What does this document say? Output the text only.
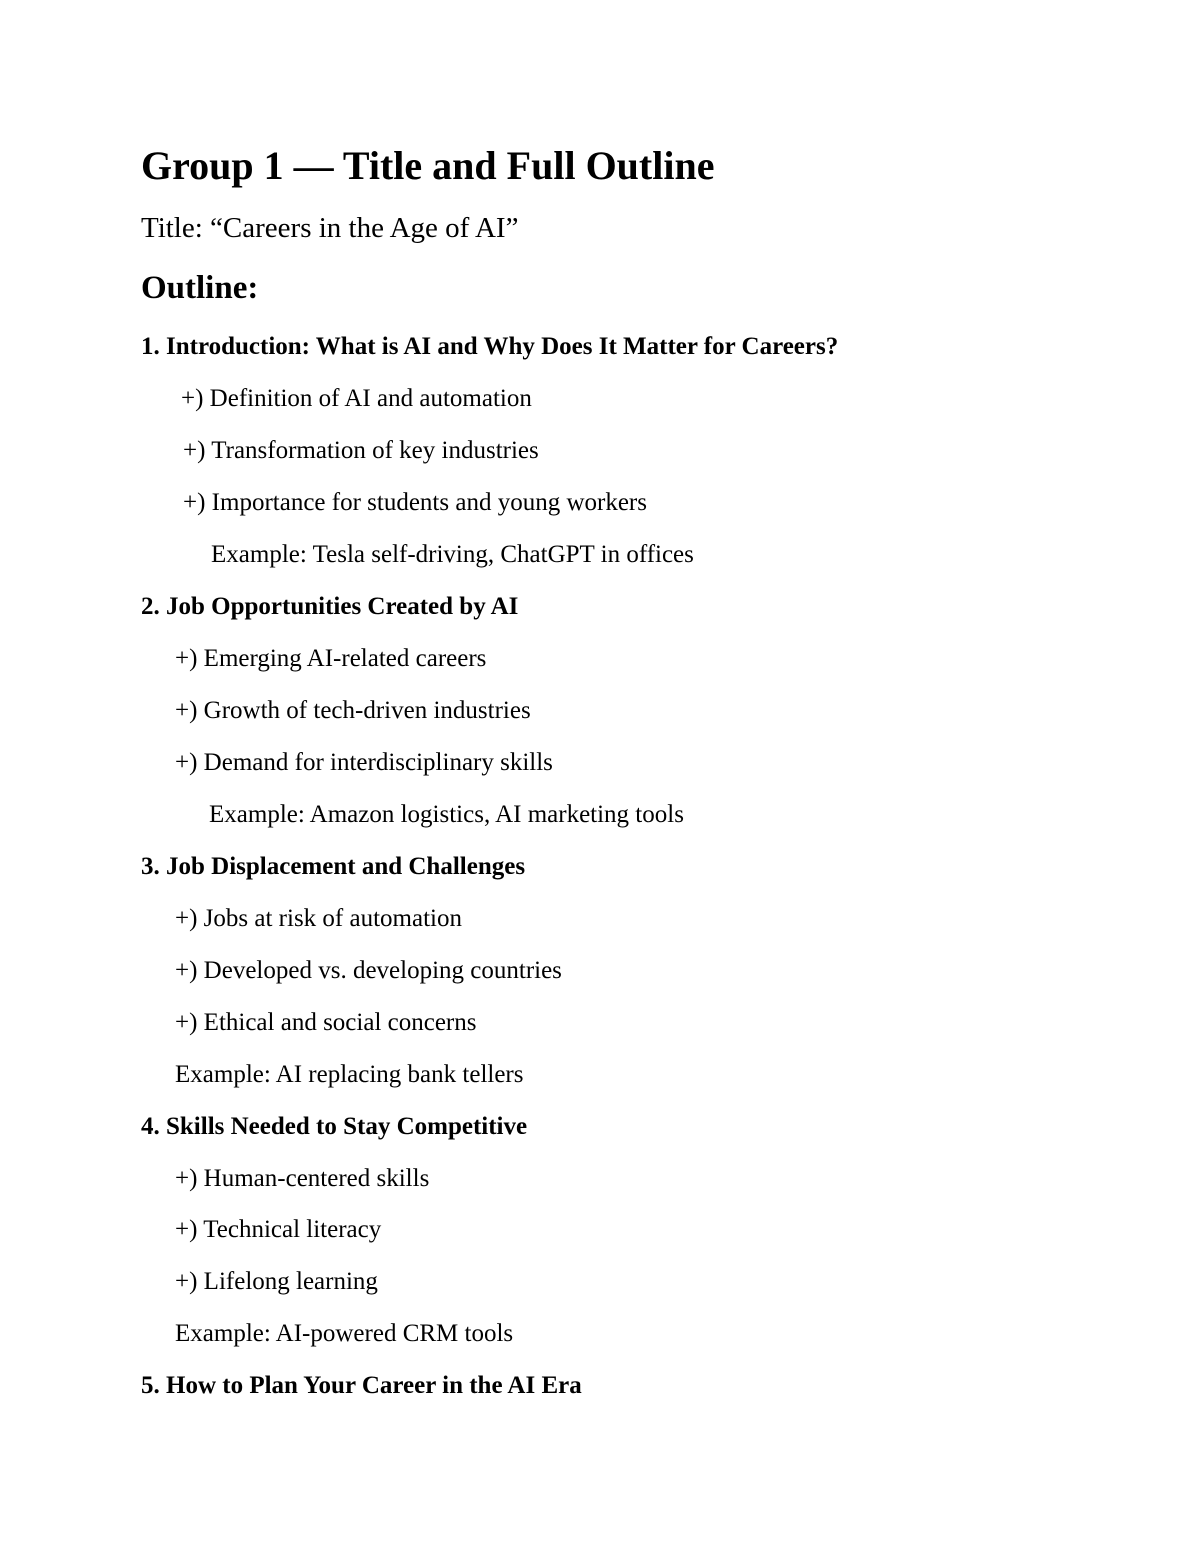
Group 1 — Title and Full Outline
Title: “Careers in the Age of AI”
Outline:
1. Introduction: What is AI and Why Does It Matter for Careers?
+) Definition of AI and automation
+) Transformation of key industries
+) Importance for students and young workers
Example: Tesla self-driving, ChatGPT in offices
2. Job Opportunities Created by AI
+) Emerging AI-related careers
+) Growth of tech-driven industries
+) Demand for interdisciplinary skills
Example: Amazon logistics, AI marketing tools
3. Job Displacement and Challenges
+) Jobs at risk of automation
+) Developed vs. developing countries
+) Ethical and social concerns
Example: AI replacing bank tellers
4. Skills Needed to Stay Competitive
+) Human-centered skills
+) Technical literacy
+) Lifelong learning
Example: AI-powered CRM tools
5. How to Plan Your Career in the AI Era
